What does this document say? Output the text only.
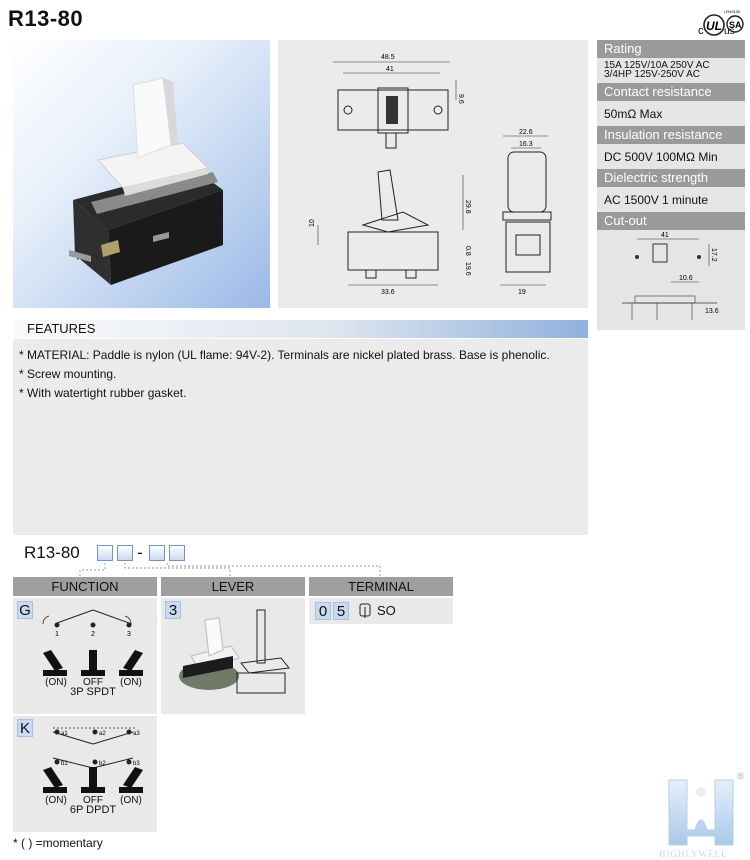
R13-80	c UL us
SA
LR49130
48.5
41
9.6
22.6
16.3
19
10
29.8
0.8
19.6
33.6
Rating
15A 125V/10A 250V AC
3/4HP 125V-250V AC
Contact resistance
50mΩ Max
Insulation resistance
DC 500V 100MΩ Min
Dielectric strength
AC 1500V 1 minute
Cut-out
41
17.2
10.6
13.6
FEATURES
* MATERIAL: Paddle is nylon (UL flame: 94V-2). Terminals are nickel plated brass. Base is phenolic.
* Screw mounting.
* With watertight rubber gasket.
R13-80	-
FUNCTION	LEVER	TERMINAL
G
1	2	3
(ON)	OFF	(ON)
3P SPDT
3	0 5 SO
K	a1	a2	a3
b1	b2	b3
(ON)	OFF	(ON)
6P DPDT
* ( ) =momentary
HIGHLYWELL
®
